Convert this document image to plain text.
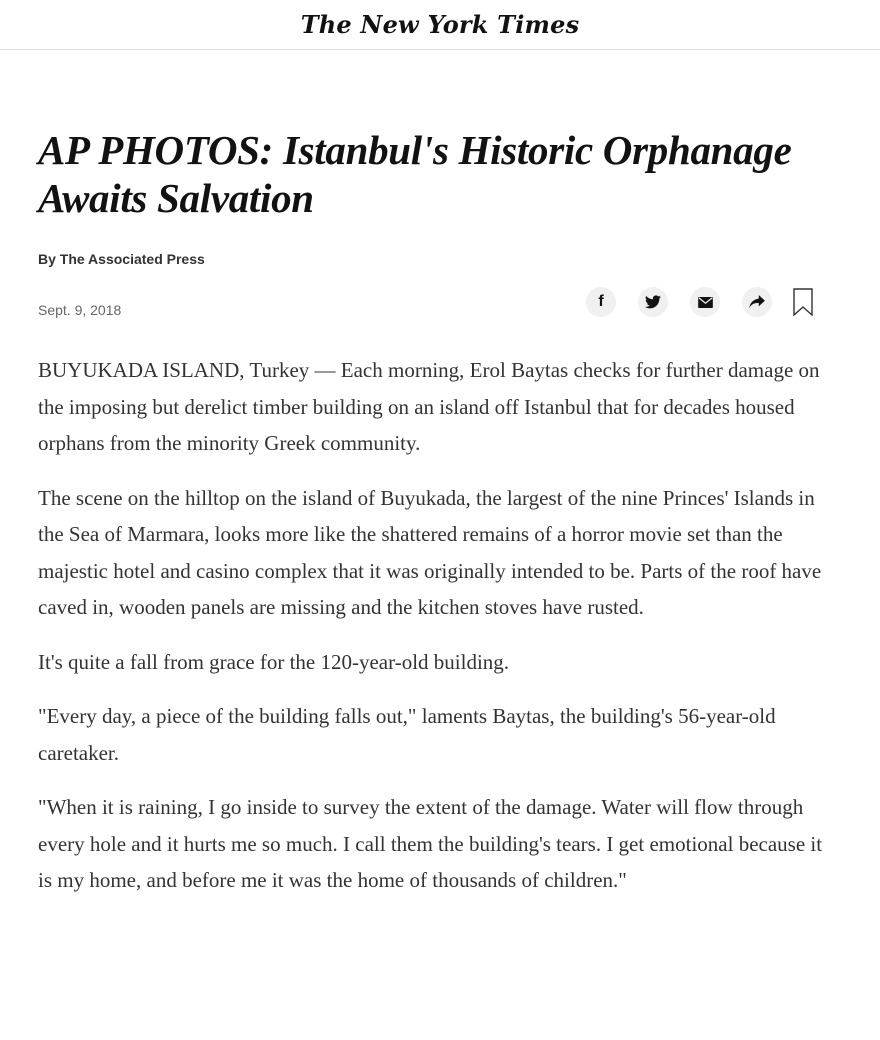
The New York Times
AP PHOTOS: Istanbul's Historic Orphanage Awaits Salvation
By The Associated Press
Sept. 9, 2018	f

BUYUKADA ISLAND, Turkey — Each morning, Erol Baytas checks for further damage on the imposing but derelict timber building on an island off Istanbul that for decades housed orphans from the minority Greek community.

The scene on the hilltop on the island of Buyukada, the largest of the nine Princes' Islands in the Sea of Marmara, looks more like the shattered remains of a horror movie set than the majestic hotel and casino complex that it was originally intended to be. Parts of the roof have caved in, wooden panels are missing and the kitchen stoves have rusted.

It's quite a fall from grace for the 120-year-old building.

"Every day, a piece of the building falls out," laments Baytas, the building's 56-year-old caretaker.

"When it is raining, I go inside to survey the extent of the damage. Water will flow through every hole and it hurts me so much. I call them the building's tears. I get emotional because it is my home, and before me it was the home of thousands of children."
